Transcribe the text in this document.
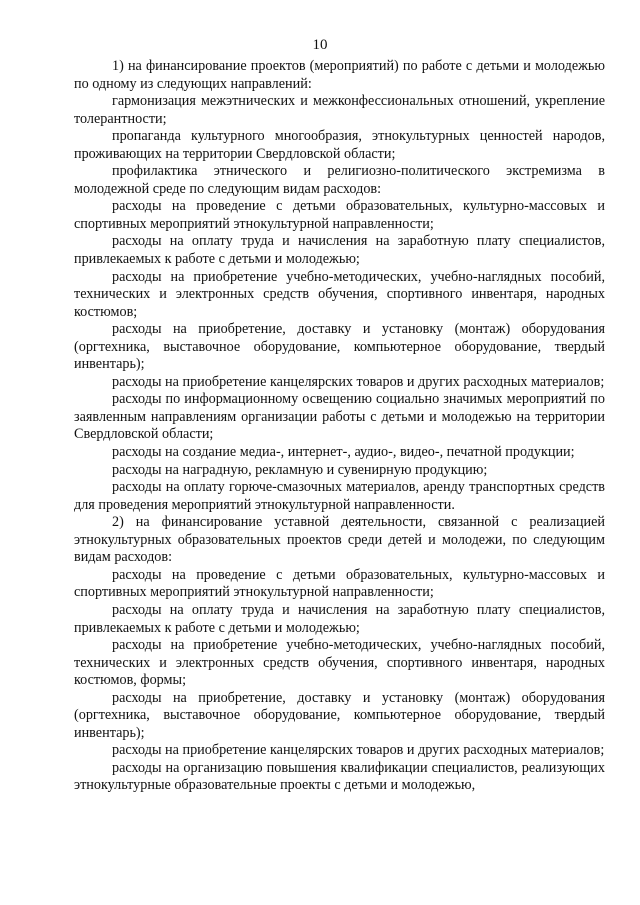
10

1) на финансирование проектов (мероприятий) по работе с детьми и молодежью по одному из следующих направлений:

гармонизация межэтнических и межконфессиональных отношений, укрепление толерантности;

пропаганда культурного многообразия, этнокультурных ценностей народов, проживающих на территории Свердловской области;

профилактика этнического и религиозно-политического экстремизма в молодежной среде по следующим видам расходов:

расходы на проведение с детьми образовательных, культурно-массовых и спортивных мероприятий этнокультурной направленности;

расходы на оплату труда и начисления на заработную плату специалистов, привлекаемых к работе с детьми и молодежью;

расходы на приобретение учебно-методических, учебно-наглядных пособий, технических и электронных средств обучения, спортивного инвентаря, народных костюмов;

расходы на приобретение, доставку и установку (монтаж) оборудования (оргтехника, выставочное оборудование, компьютерное оборудование, твердый инвентарь);

расходы на приобретение канцелярских товаров и других расходных материалов;

расходы по информационному освещению социально значимых мероприятий по заявленным направлениям организации работы с детьми и молодежью на территории Свердловской области;

расходы на создание медиа-, интернет-, аудио-, видео-, печатной продукции;

расходы на наградную, рекламную и сувенирную продукцию;

расходы на оплату горюче-смазочных материалов, аренду транспортных средств для проведения мероприятий этнокультурной направленности.

2) на финансирование уставной деятельности, связанной с реализацией этнокультурных образовательных проектов среди детей и молодежи, по следующим видам расходов:

расходы на проведение с детьми образовательных, культурно-массовых и спортивных мероприятий этнокультурной направленности;

расходы на оплату труда и начисления на заработную плату специалистов, привлекаемых к работе с детьми и молодежью;

расходы на приобретение учебно-методических, учебно-наглядных пособий, технических и электронных средств обучения, спортивного инвентаря, народных костюмов, формы;

расходы на приобретение, доставку и установку (монтаж) оборудования (оргтехника, выставочное оборудование, компьютерное оборудование, твердый инвентарь);

расходы на приобретение канцелярских товаров и других расходных материалов;

расходы на организацию повышения квалификации специалистов, реализующих этнокультурные образовательные проекты с детьми и молодежью,
